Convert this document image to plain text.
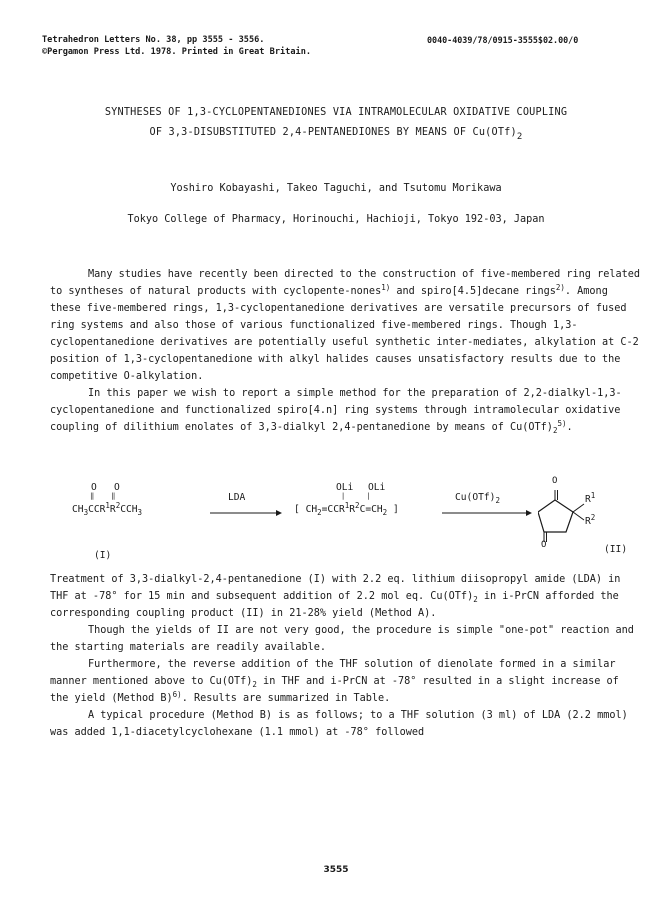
Tetrahedron Letters No. 38, pp 3555 - 3556.
©Pergamon Press Ltd. 1978. Printed in Great Britain.
0040-4039/78/0915-3555$02.00/0
SYNTHESES OF 1,3-CYCLOPENTANEDIONES VIA INTRAMOLECULAR OXIDATIVE COUPLING
OF 3,3-DISUBSTITUTED 2,4-PENTANEDIONES BY MEANS OF $Cu(OTf)_2$
Yoshiro Kobayashi, Takeo Taguchi, and Tsutomu Morikawa
Tokyo College of Pharmacy, Horinouchi, Hachioji, Tokyo 192-03, Japan

Many studies have recently been directed to the construction of five-membered ring related to syntheses of natural products with cyclopente-nones$^{1)}$ and spiro[4.5]decane rings$^{2)}$. Among these five-membered rings, 1,3-cyclopentanedione derivatives are versatile precursors of fused ring systems and also those of various functionalized five-membered rings. Though 1,3-cyclopentanedione derivatives are potentially useful synthetic inter-mediates, alkylation at C-2 position of 1,3-cyclopentanedione with alkyl halides causes unsatisfactory results due to the competitive O-alkylation.

In this paper we wish to report a simple method for the preparation of 2,2-dialkyl-1,3-cyclopentanedione and functionalized spiro[4.n] ring systems through intramolecular oxidative coupling of dilithium enolates of 3,3-dialkyl 2,4-pentanedione by means of $Cu(OTf)_2^{5)}$.

O O
‖    ‖
$CH_3CCR^1R^2CCH_3$
(I)
LDA
OLi OLi
|     |
[ $CH_2=CCR^1R^2C=CH_2$ ]
$Cu(OTf)_2$
O
O
$R^1$
$R^2$
(II)

Treatment of 3,3-dialkyl-2,4-pentanedione (I) with 2.2 eq. lithium diisopropyl amide (LDA) in THF at -78° for 15 min and subsequent addition of 2.2 mol eq. $Cu(OTf)_2$ in i-PrCN afforded the corresponding coupling product (II) in 21-28% yield (Method A).

Though the yields of II are not very good, the procedure is simple "one-pot" reaction and the starting materials are readily available.

Furthermore, the reverse addition of the THF solution of dienolate formed in a similar manner mentioned above to $Cu(OTf)_2$ in THF and i-PrCN at -78° resulted in a slight increase of the yield (Method B)$^{6)}$. Results are summarized in Table.

A typical procedure (Method B) is as follows; to a THF solution (3 ml) of LDA (2.2 mmol) was added 1,1-diacetylcyclohexane (1.1 mmol) at -78° followed

3555
